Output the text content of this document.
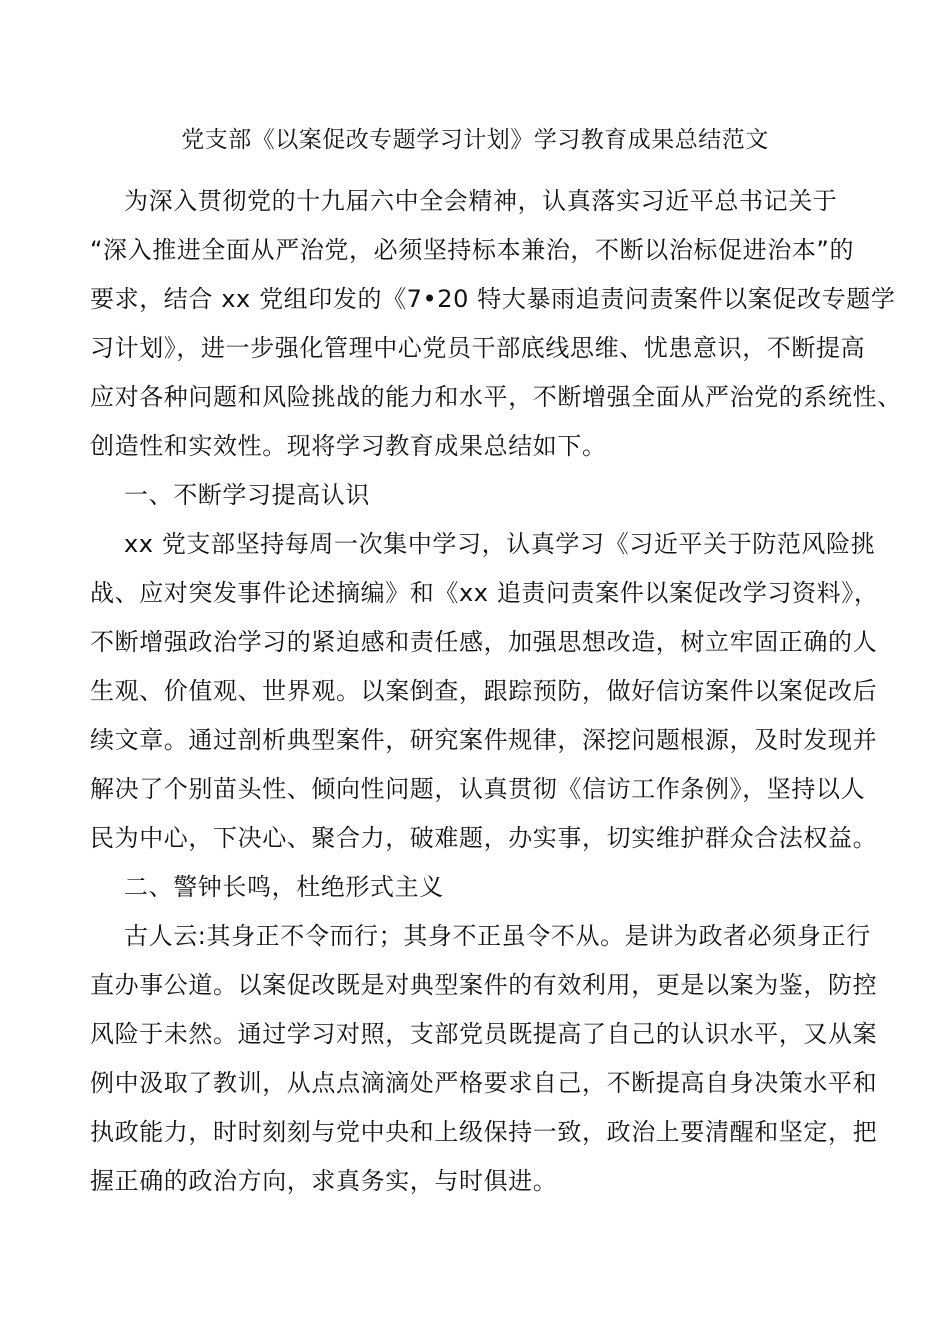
党支部《以案促改专题学习计划》学习教育成果总结范文
为深入贯彻党的十九届六中全会精神，认真落实习近平总书记关于
“深入推进全面从严治党，必须坚持标本兼治，不断以治标促进治本”的
要求，结合 xx 党组印发的《7•20 特大暴雨追责问责案件以案促改专题学
习计划》，进一步强化管理中心党员干部底线思维、忧患意识，不断提高
应对各种问题和风险挑战的能力和水平，不断增强全面从严治党的系统性、
创造性和实效性。现将学习教育成果总结如下。
一、不断学习提高认识
xx 党支部坚持每周一次集中学习，认真学习《习近平关于防范风险挑
战、应对突发事件论述摘编》和《xx 追责问责案件以案促改学习资料》，
不断增强政治学习的紧迫感和责任感，加强思想改造，树立牢固正确的人
生观、价值观、世界观。以案倒查，跟踪预防，做好信访案件以案促改后
续文章。通过剖析典型案件，研究案件规律，深挖问题根源，及时发现并
解决了个别苗头性、倾向性问题，认真贯彻《信访工作条例》，坚持以人
民为中心，下决心、聚合力，破难题，办实事，切实维护群众合法权益。
二、警钟长鸣，杜绝形式主义
古人云:其身正不令而行；其身不正虽令不从。是讲为政者必须身正行
直办事公道。以案促改既是对典型案件的有效利用，更是以案为鉴，防控
风险于未然。通过学习对照，支部党员既提高了自己的认识水平，又从案
例中汲取了教训，从点点滴滴处严格要求自己，不断提高自身决策水平和
执政能力，时时刻刻与党中央和上级保持一致，政治上要清醒和坚定，把
握正确的政治方向，求真务实，与时俱进。
